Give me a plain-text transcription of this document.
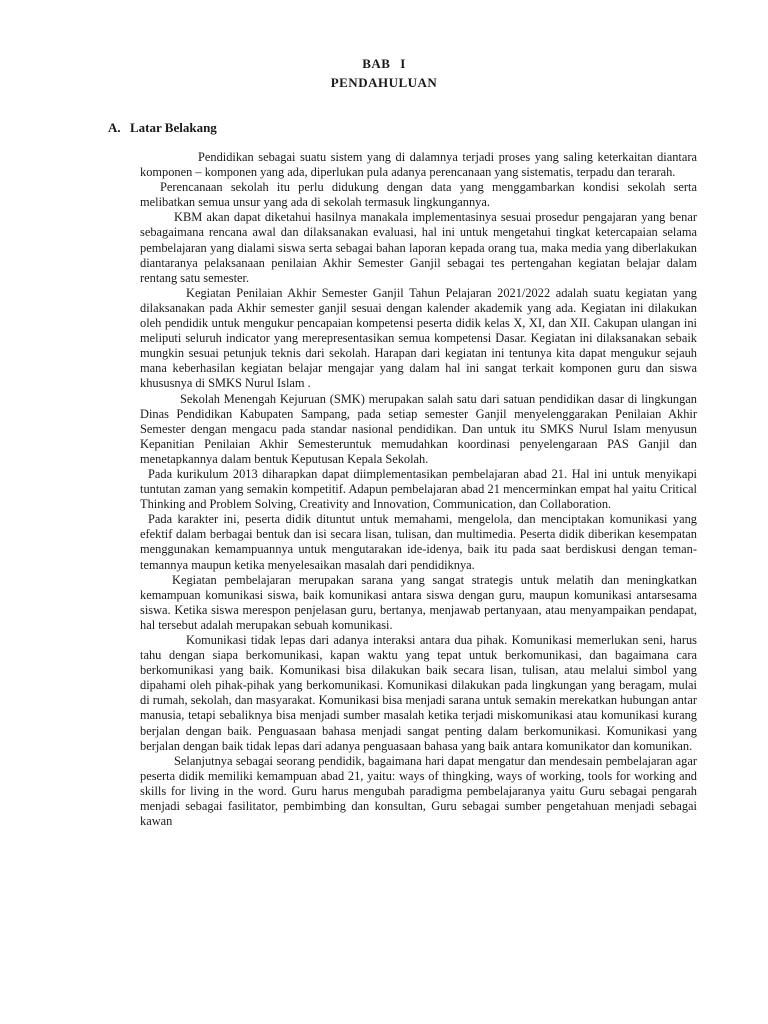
BAB I
PENDAHULUAN
A. Latar Belakang

Pendidikan sebagai suatu sistem yang di dalamnya terjadi proses yang saling keterkaitan diantara komponen – komponen yang ada, diperlukan pula adanya perencanaan yang sistematis, terpadu dan terarah.

Perencanaan sekolah itu perlu didukung dengan data yang menggambarkan kondisi sekolah serta melibatkan semua unsur yang ada di sekolah termasuk lingkungannya.

KBM akan dapat diketahui hasilnya manakala implementasinya sesuai prosedur pengajaran yang benar sebagaimana rencana awal dan dilaksanakan evaluasi, hal ini untuk mengetahui tingkat ketercapaian selama pembelajaran yang dialami siswa serta sebagai bahan laporan kepada orang tua, maka media yang diberlakukan diantaranya pelaksanaan penilaian Akhir Semester Ganjil sebagai tes pertengahan kegiatan belajar dalam rentang satu semester.

Kegiatan Penilaian Akhir Semester Ganjil Tahun Pelajaran 2021/2022 adalah suatu kegiatan yang dilaksanakan pada Akhir semester ganjil sesuai dengan kalender akademik yang ada. Kegiatan ini dilakukan oleh pendidik untuk mengukur pencapaian kompetensi peserta didik kelas X, XI, dan XII. Cakupan ulangan ini meliputi seluruh indicator yang merepresentasikan semua kompetensi Dasar. Kegiatan ini dilaksanakan sebaik mungkin sesuai petunjuk teknis dari sekolah. Harapan dari kegiatan ini tentunya kita dapat mengukur sejauh mana keberhasilan kegiatan belajar mengajar yang dalam hal ini sangat terkait komponen guru dan siswa khususnya di SMKS Nurul Islam .

Sekolah Menengah Kejuruan (SMK) merupakan salah satu dari satuan pendidikan dasar di lingkungan Dinas Pendidikan Kabupaten Sampang, pada setiap semester Ganjil menyelenggarakan Penilaian Akhir Semester dengan mengacu pada standar nasional pendidikan. Dan untuk itu SMKS Nurul Islam menyusun Kepanitian Penilaian Akhir Semesteruntuk memudahkan koordinasi penyelengaraan PAS Ganjil dan menetapkannya dalam bentuk Keputusan Kepala Sekolah.

Pada kurikulum 2013 diharapkan dapat diimplementasikan pembelajaran abad 21. Hal ini untuk menyikapi tuntutan zaman yang semakin kompetitif. Adapun pembelajaran abad 21 mencerminkan empat hal yaitu Critical Thinking and Problem Solving, Creativity and Innovation, Communication, dan Collaboration.

Pada karakter ini, peserta didik dituntut untuk memahami, mengelola, dan menciptakan komunikasi yang efektif dalam berbagai bentuk dan isi secara lisan, tulisan, dan multimedia. Peserta didik diberikan kesempatan menggunakan kemampuannya untuk mengutarakan ide-idenya, baik itu pada saat berdiskusi dengan teman-temannya maupun ketika menyelesaikan masalah dari pendidiknya.

Kegiatan pembelajaran merupakan sarana yang sangat strategis untuk melatih dan meningkatkan kemampuan komunikasi siswa, baik komunikasi antara siswa dengan guru, maupun komunikasi antarsesama siswa. Ketika siswa merespon penjelasan guru, bertanya, menjawab pertanyaan, atau menyampaikan pendapat, hal tersebut adalah merupakan sebuah komunikasi.

Komunikasi tidak lepas dari adanya interaksi antara dua pihak. Komunikasi memerlukan seni, harus tahu dengan siapa berkomunikasi, kapan waktu yang tepat untuk berkomunikasi, dan bagaimana cara berkomunikasi yang baik. Komunikasi bisa dilakukan baik secara lisan, tulisan, atau melalui simbol yang dipahami oleh pihak-pihak yang berkomunikasi. Komunikasi dilakukan pada lingkungan yang beragam, mulai di rumah, sekolah, dan masyarakat. Komunikasi bisa menjadi sarana untuk semakin merekatkan hubungan antar manusia, tetapi sebaliknya bisa menjadi sumber masalah ketika terjadi miskomunikasi atau komunikasi kurang berjalan dengan baik. Penguasaan bahasa menjadi sangat penting dalam berkomunikasi. Komunikasi yang berjalan dengan baik tidak lepas dari adanya penguasaan bahasa yang baik antara komunikator dan komunikan.

Selanjutnya sebagai seorang pendidik, bagaimana hari dapat mengatur dan mendesain pembelajaran agar peserta didik memiliki kemampuan abad 21, yaitu: ways of thingking, ways of working, tools for working and skills for living in the word. Guru harus mengubah paradigma pembelajaranya yaitu Guru sebagai pengarah menjadi sebagai fasilitator, pembimbing dan konsultan, Guru sebagai sumber pengetahuan menjadi sebagai kawan
